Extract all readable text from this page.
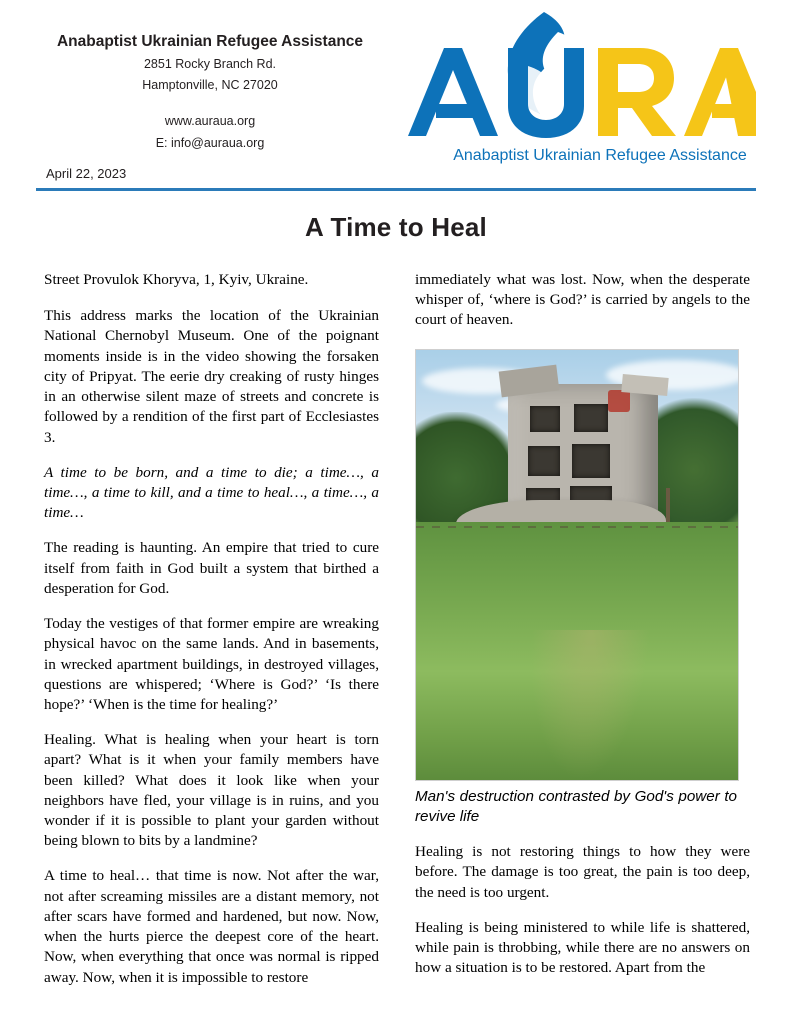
Anabaptist Ukrainian Refugee Assistance
2851 Rocky Branch Rd.
Hamptonville, NC 27020
www.auraua.org
E: info@auraua.org
Anabaptist Ukrainian Refugee Assistance
April 22, 2023
A Time to Heal

Street Provulok Khoryva, 1, Kyiv, Ukraine.

This address marks the location of the Ukrainian National Chernobyl Museum. One of the poignant moments inside is in the video showing the forsaken city of Pripyat. The eerie dry creaking of rusty hinges in an otherwise silent maze of streets and concrete is followed by a rendition of the first part of Ecclesiastes 3.

A time to be born, and a time to die; a time…, a time…, a time to kill, and a time to heal…, a time…, a time…

The reading is haunting. An empire that tried to cure itself from faith in God built a system that birthed a desperation for God.

Today the vestiges of that former empire are wreaking physical havoc on the same lands. And in basements, in wrecked apartment buildings, in destroyed villages, questions are whispered; ‘Where is God?’ ‘Is there hope?’ ‘When is the time for healing?’

Healing. What is healing when your heart is torn apart? What is it when your family members have been killed? What does it look like when your neighbors have fled, your village is in ruins, and you wonder if it is possible to plant your garden without being blown to bits by a landmine?

A time to heal… that time is now. Not after the war, not after screaming missiles are a distant memory, not after scars have formed and hardened, but now. Now, when the hurts pierce the deepest core of the heart. Now, when everything that once was normal is ripped away. Now, when it is impossible to restore

immediately what was lost. Now, when the desperate whisper of, ‘where is God?’ is carried by angels to the court of heaven.

Man's destruction contrasted by God's power to revive life

Healing is not restoring things to how they were before. The damage is too great, the pain is too deep, the need is too urgent.

Healing is being ministered to while life is shattered, while pain is throbbing, while there are no answers on how a situation is to be restored. Apart from the
